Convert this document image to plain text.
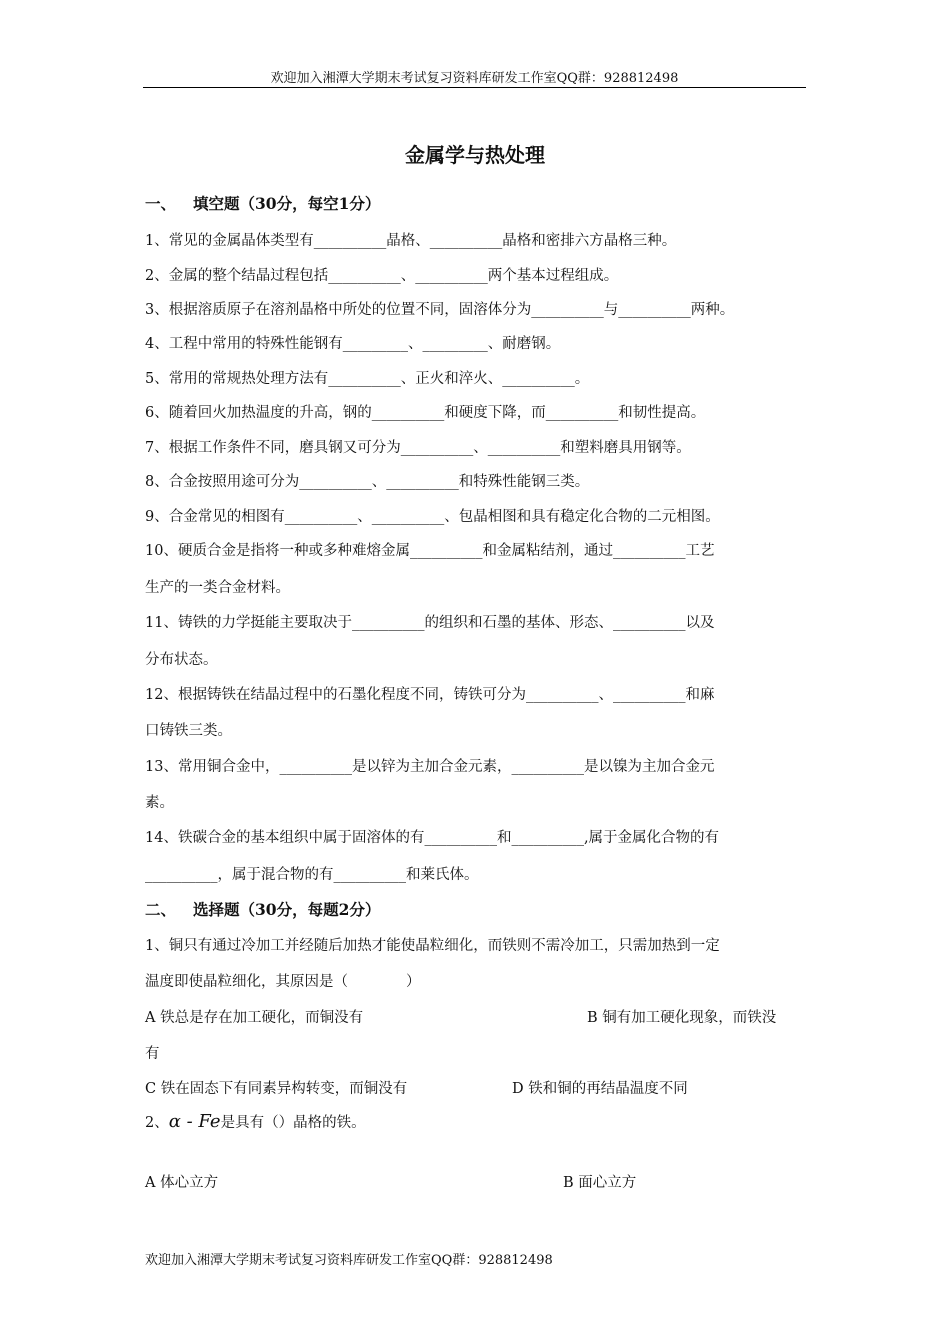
欢迎加入湘潭大学期末考试复习资料库研发工作室QQ群：928812498
金属学与热处理
一、 填空题（30分，每空1分）
1、常见的金属晶体类型有__________晶格、__________晶格和密排六方晶格三种。
2、金属的整个结晶过程包括__________、__________两个基本过程组成。
3、根据溶质原子在溶剂晶格中所处的位置不同，固溶体分为__________与__________两种。
4、工程中常用的特殊性能钢有_________、_________、耐磨钢。
5、常用的常规热处理方法有__________、正火和淬火、__________。
6、随着回火加热温度的升高，钢的__________和硬度下降，而__________和韧性提高。
7、根据工作条件不同，磨具钢又可分为__________、__________和塑料磨具用钢等。
8、合金按照用途可分为__________、__________和特殊性能钢三类。
9、合金常见的相图有__________、__________、包晶相图和具有稳定化合物的二元相图。
10、硬质合金是指将一种或多种难熔金属__________和金属粘结剂，通过__________工艺
生产的一类合金材料。
11、铸铁的力学挺能主要取决于__________的组织和石墨的基体、形态、__________以及
分布状态。
12、根据铸铁在结晶过程中的石墨化程度不同，铸铁可分为__________、__________和麻
口铸铁三类。
13、常用铜合金中，__________是以锌为主加合金元素，__________是以镍为主加合金元
素。
14、铁碳合金的基本组织中属于固溶体的有__________和__________,属于金属化合物的有
__________，属于混合物的有__________和莱氏体。
二、 选择题（30分，每题2分）
1、铜只有通过冷加工并经随后加热才能使晶粒细化，而铁则不需冷加工，只需加热到一定
温度即使晶粒细化，其原因是（　　　　）
A 铁总是存在加工硬化，而铜没有	B 铜有加工硬化现象，而铁没
有
C 铁在固态下有同素异构转变，而铜没有	D 铁和铜的再结晶温度不同
2、α - Fe是具有（）晶格的铁。
A 体心立方	B 面心立方
欢迎加入湘潭大学期末考试复习资料库研发工作室QQ群：928812498
